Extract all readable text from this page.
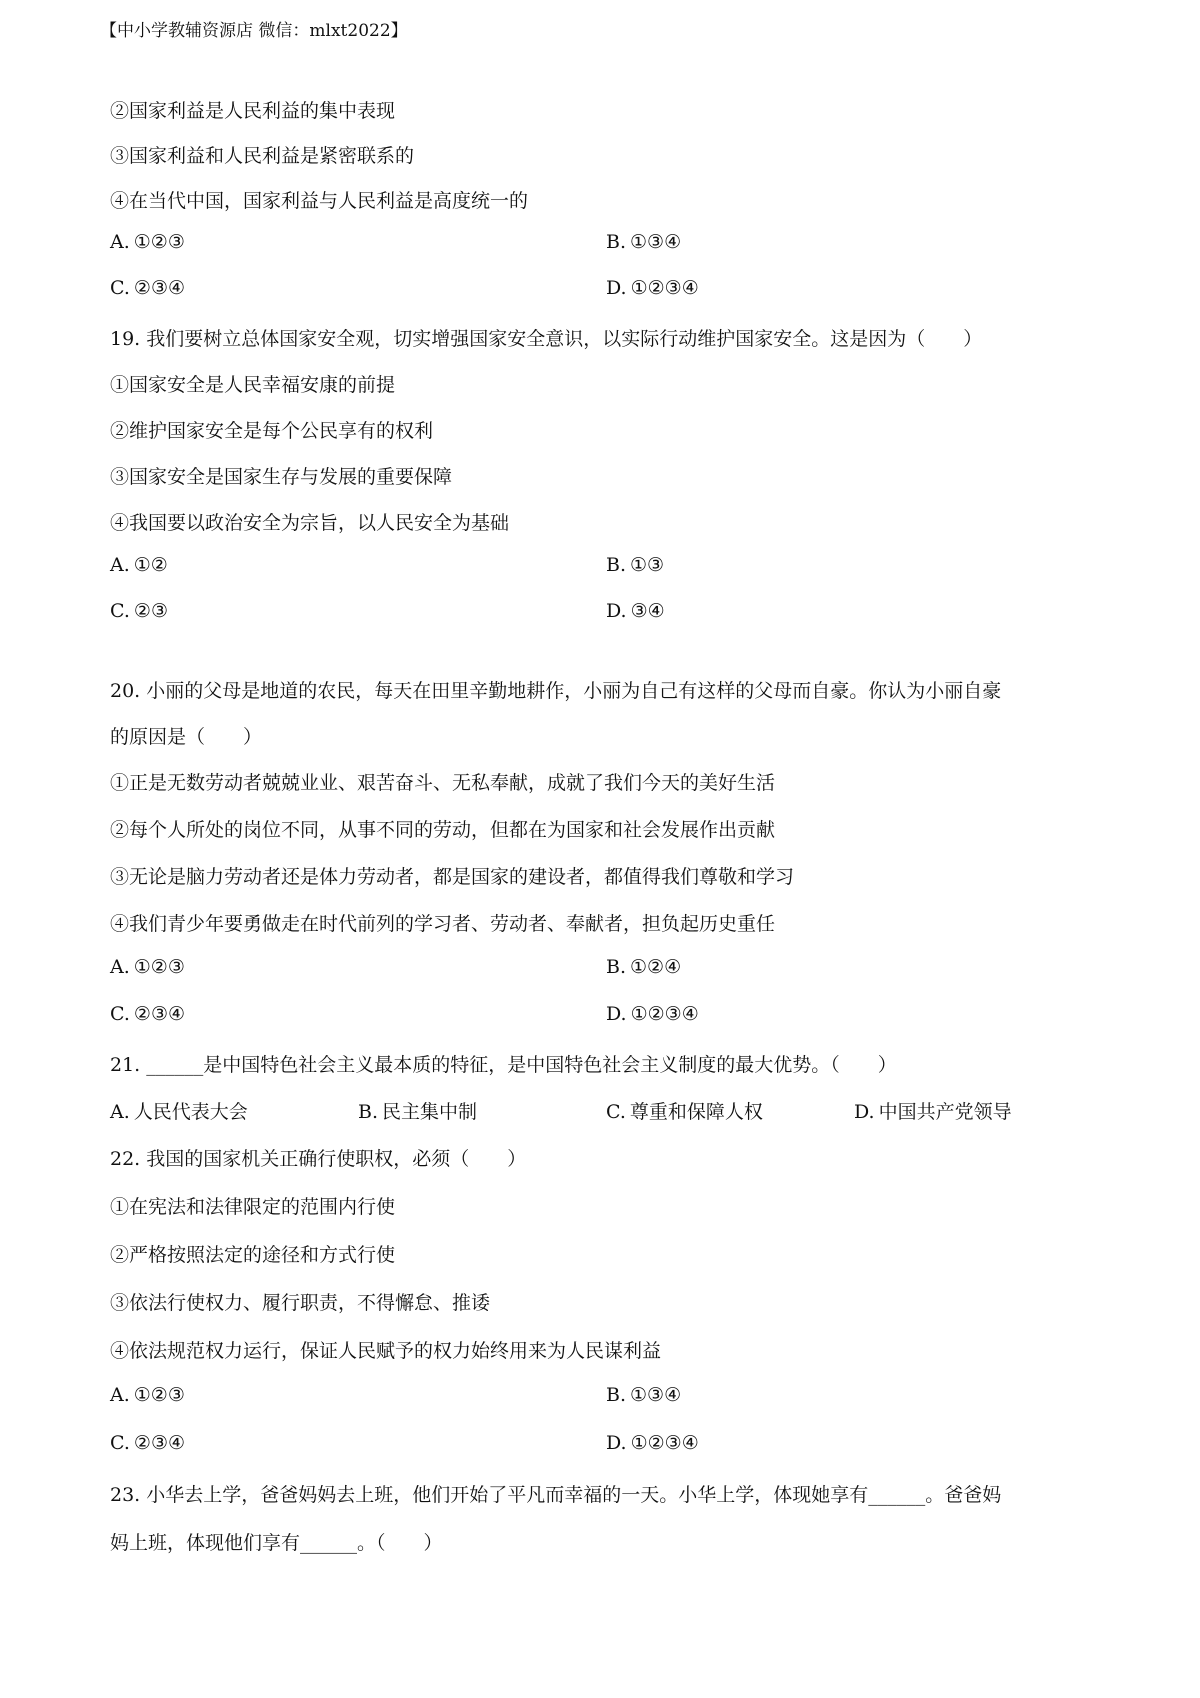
【中小学教辅资源店 微信：mlxt2022】
②国家利益是人民利益的集中表现
③国家利益和人民利益是紧密联系的
④在当代中国，国家利益与人民利益是高度统一的
A. ①②③	B. ①③④
C. ②③④	D. ①②③④
19. 我们要树立总体国家安全观，切实增强国家安全意识，以实际行动维护国家安全。这是因为（　　）
①国家安全是人民幸福安康的前提
②维护国家安全是每个公民享有的权利
③国家安全是国家生存与发展的重要保障
④我国要以政治安全为宗旨，以人民安全为基础
A. ①②	B. ①③
C. ②③	D. ③④
20. 小丽的父母是地道的农民，每天在田里辛勤地耕作，小丽为自己有这样的父母而自豪。你认为小丽自豪
的原因是（　　）
①正是无数劳动者兢兢业业、艰苦奋斗、无私奉献，成就了我们今天的美好生活
②每个人所处的岗位不同，从事不同的劳动，但都在为国家和社会发展作出贡献
③无论是脑力劳动者还是体力劳动者，都是国家的建设者，都值得我们尊敬和学习
④我们青少年要勇做走在时代前列的学习者、劳动者、奉献者，担负起历史重任
A. ①②③	B. ①②④
C. ②③④	D. ①②③④
21. ______是中国特色社会主义最本质的特征，是中国特色社会主义制度的最大优势。（　　）
A. 人民代表大会	B. 民主集中制	C. 尊重和保障人权	D. 中国共产党领导
22. 我国的国家机关正确行使职权，必须（　　）
①在宪法和法律限定的范围内行使
②严格按照法定的途径和方式行使
③依法行使权力、履行职责，不得懈怠、推诿
④依法规范权力运行，保证人民赋予的权力始终用来为人民谋利益
A. ①②③	B. ①③④
C. ②③④	D. ①②③④
23. 小华去上学，爸爸妈妈去上班，他们开始了平凡而幸福的一天。小华上学，体现她享有______。爸爸妈
妈上班，体现他们享有______。（　　）
